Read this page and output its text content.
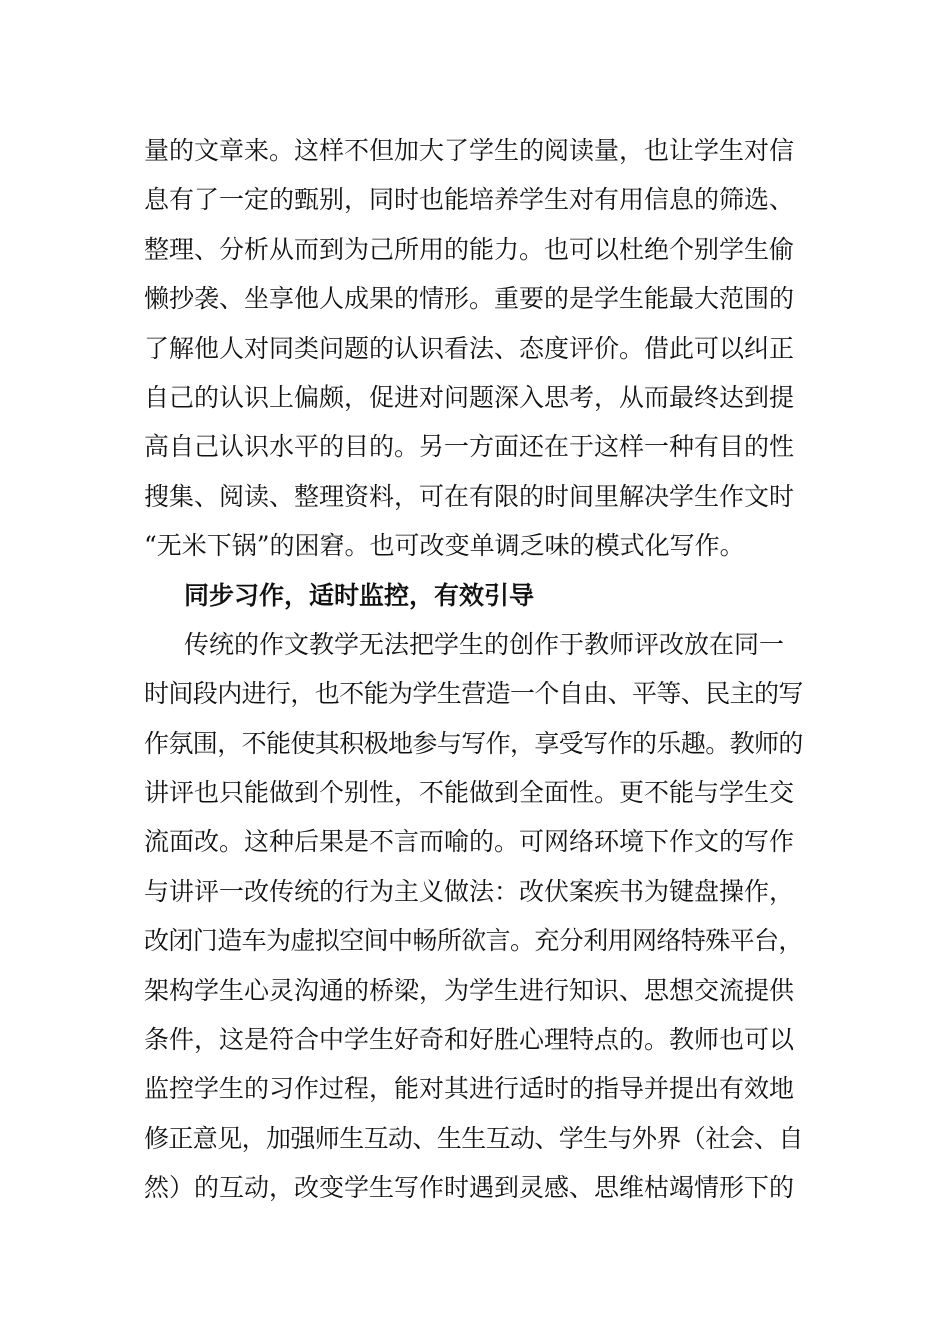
量的文章来。这样不但加大了学生的阅读量，也让学生对信
息有了一定的甄别，同时也能培养学生对有用信息的筛选、
整理、分析从而到为己所用的能力。也可以杜绝个别学生偷
懒抄袭、坐享他人成果的情形。重要的是学生能最大范围的
了解他人对同类问题的认识看法、态度评价。借此可以纠正
自己的认识上偏颇，促进对问题深入思考，从而最终达到提
高自己认识水平的目的。另一方面还在于这样一种有目的性
搜集、阅读、整理资料，可在有限的时间里解决学生作文时
“无米下锅”的困窘。也可改变单调乏味的模式化写作。
同步习作，适时监控，有效引导
传统的作文教学无法把学生的创作于教师评改放在同一
时间段内进行，也不能为学生营造一个自由、平等、民主的写
作氛围，不能使其积极地参与写作，享受写作的乐趣。教师的
讲评也只能做到个别性，不能做到全面性。更不能与学生交
流面改。这种后果是不言而喻的。可网络环境下作文的写作
与讲评一改传统的行为主义做法：改伏案疾书为键盘操作，
改闭门造车为虚拟空间中畅所欲言。充分利用网络特殊平台，
架构学生心灵沟通的桥梁，为学生进行知识、思想交流提供
条件，这是符合中学生好奇和好胜心理特点的。教师也可以
监控学生的习作过程，能对其进行适时的指导并提出有效地
修正意见，加强师生互动、生生互动、学生与外界（社会、自
然）的互动，改变学生写作时遇到灵感、思维枯竭情形下的
